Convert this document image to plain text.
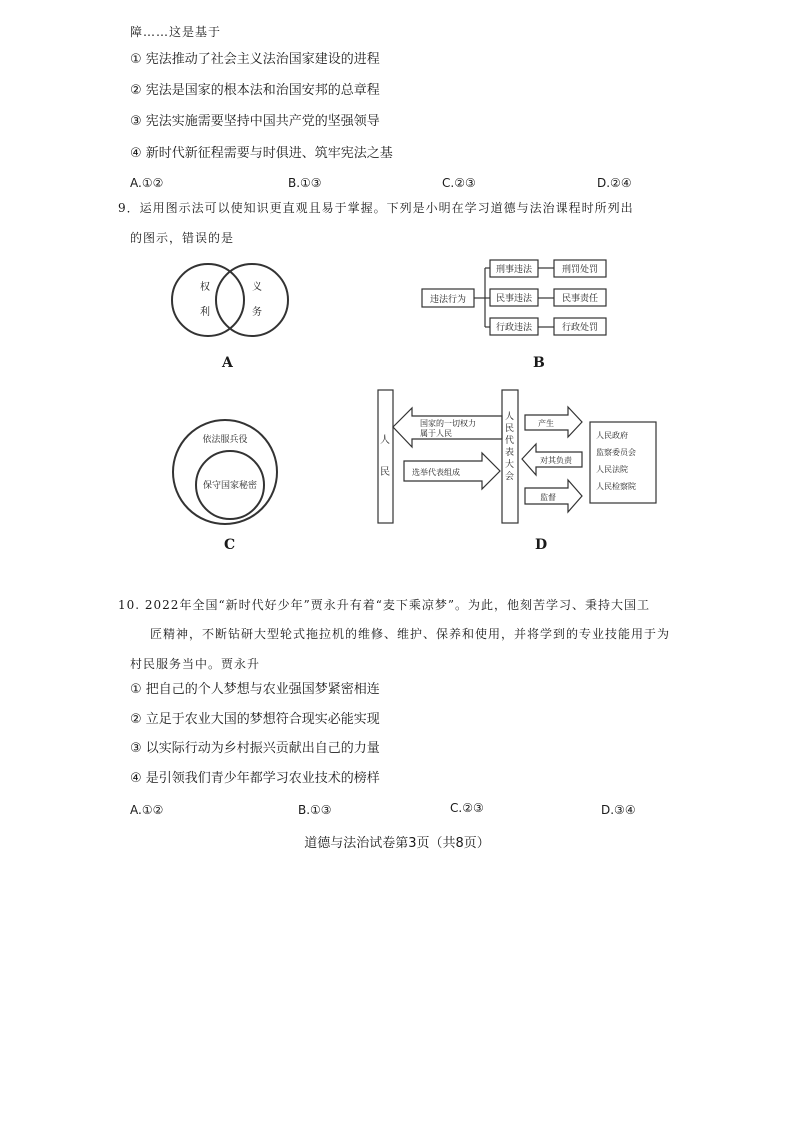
障……这是基于
① 宪法推动了社会主义法治国家建设的进程
② 宪法是国家的根本法和治国安邦的总章程
③ 宪法实施需要坚持中国共产党的坚强领导
④ 新时代新征程需要与时俱进、筑牢宪法之基
A.①②	B.①③	C.②③	D.②④
9．运用图示法可以使知识更直观且易于掌握。下列是小明在学习道德与法治课程时所列出
的图示，错误的是
权
利
义
务
A
违法行为
刑事违法
民事违法
行政违法
刑罚处罚
民事责任
行政处罚
B
依法服兵役
保守国家秘密
C
人
民
人
民
代
表
大
会
国家的一切权力
属于人民
选举代表组成
产生
对其负责
监督
人民政府
监察委员会
人民法院
人民检察院
D
10. 2022年全国“新时代好少年”贾永升有着“麦下乘凉梦”。为此，他刻苦学习、秉持大国工
匠精神，不断钻研大型轮式拖拉机的维修、维护、保养和使用，并将学到的专业技能用于为
村民服务当中。贾永升
① 把自己的个人梦想与农业强国梦紧密相连
② 立足于农业大国的梦想符合现实必能实现
③ 以实际行动为乡村振兴贡献出自己的力量
④ 是引领我们青少年都学习农业技术的榜样
A.①②	B.①③	C.②③	D.③④
道德与法治试卷第3页（共8页）
